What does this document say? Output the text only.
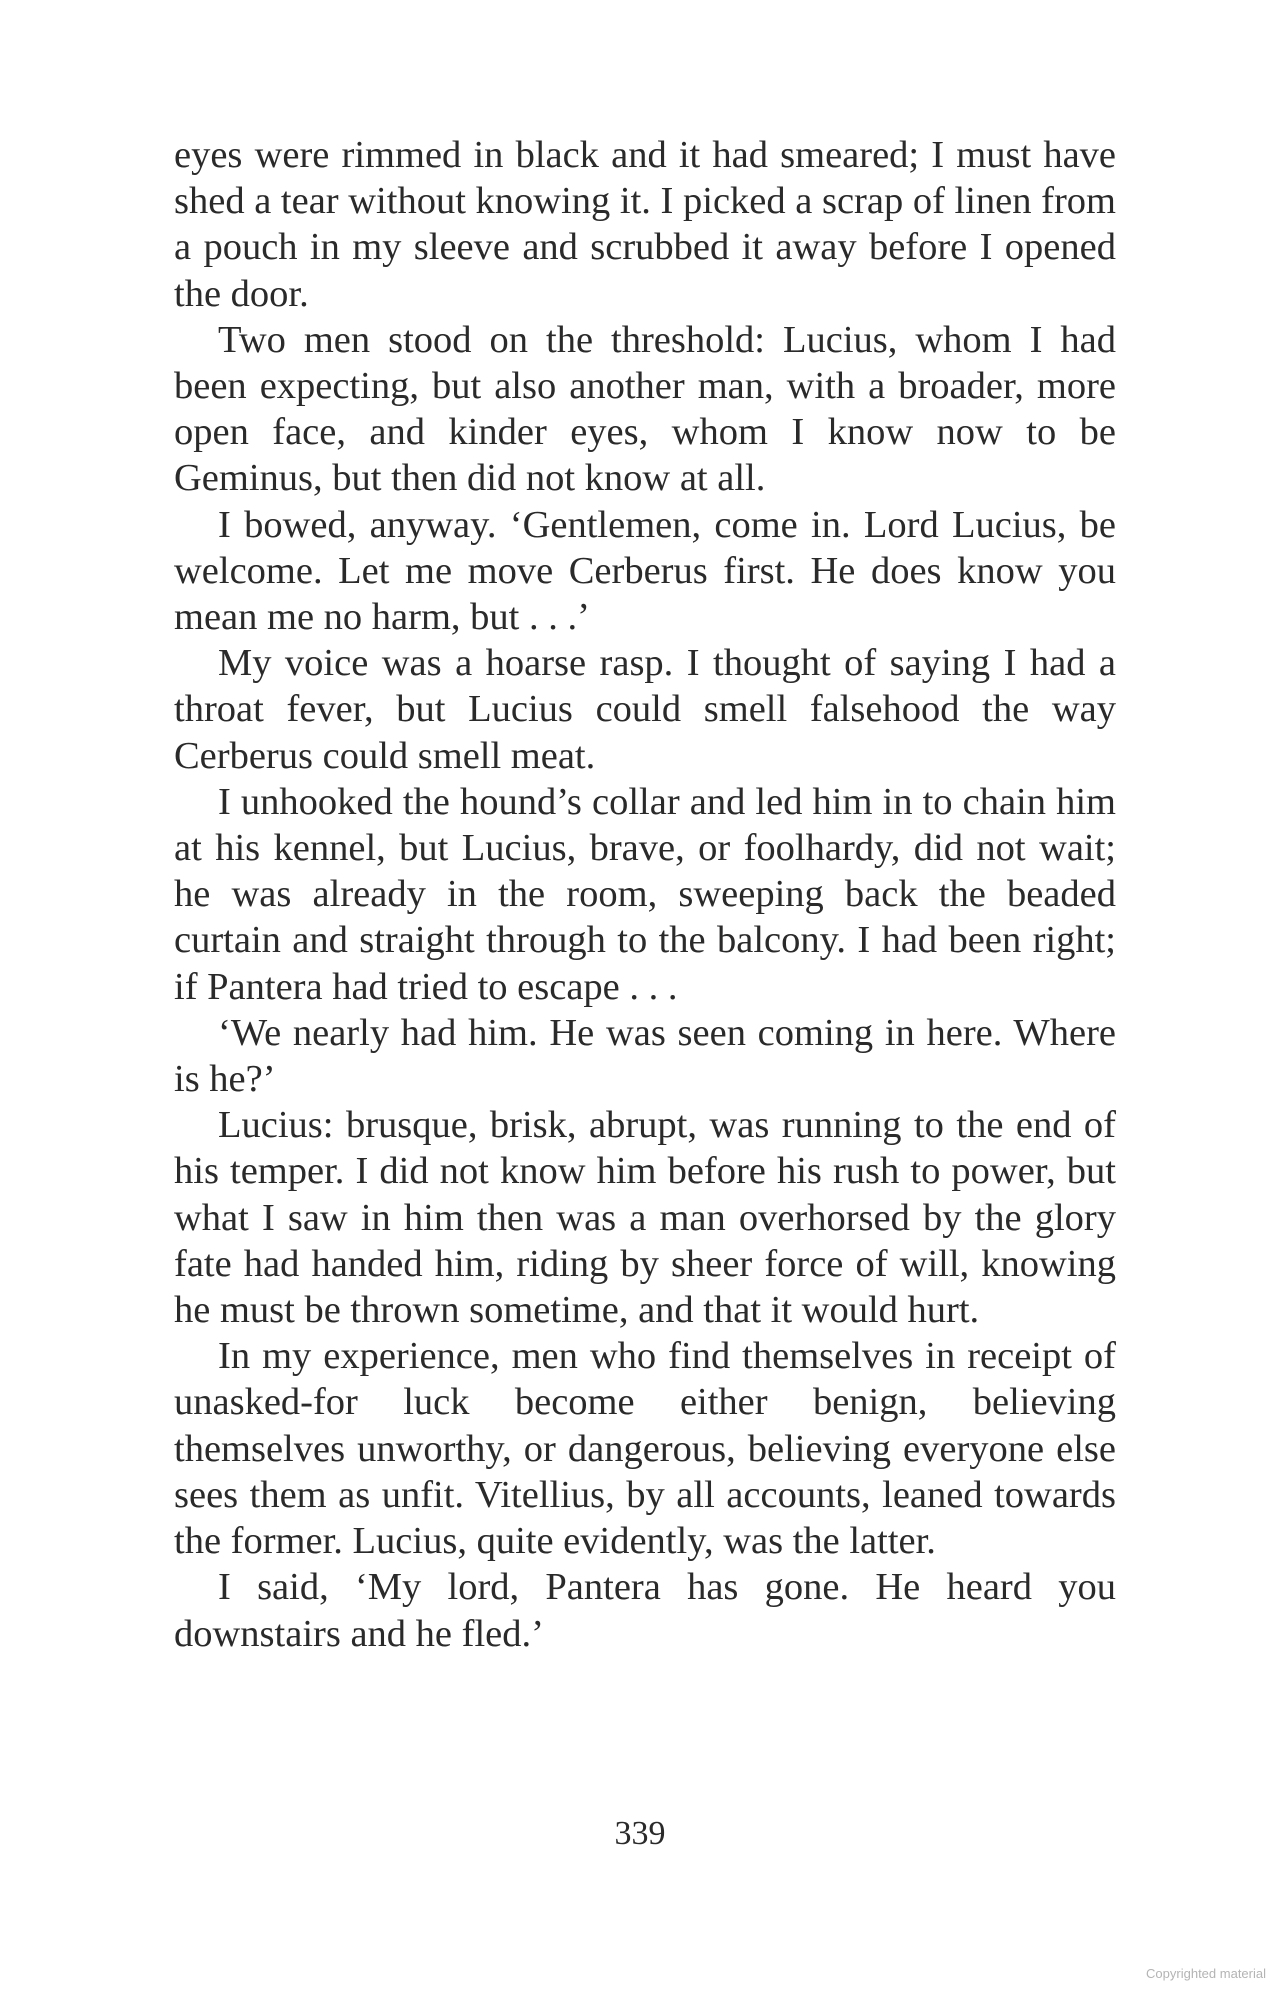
eyes were rimmed in black and it had smeared; I must have shed a tear without knowing it. I picked a scrap of linen from a pouch in my sleeve and scrubbed it away before I opened the door.

Two men stood on the threshold: Lucius, whom I had been expecting, but also another man, with a broader, more open face, and kinder eyes, whom I know now to be Geminus, but then did not know at all.

I bowed, anyway. ‘Gentlemen, come in. Lord Lucius, be welcome. Let me move Cerberus first. He does know you mean me no harm, but . . .’

My voice was a hoarse rasp. I thought of saying I had a throat fever, but Lucius could smell falsehood the way Cerberus could smell meat.

I unhooked the hound’s collar and led him in to chain him at his kennel, but Lucius, brave, or foolhardy, did not wait; he was already in the room, sweeping back the beaded curtain and straight through to the balcony. I had been right; if Pantera had tried to escape . . .

‘We nearly had him. He was seen coming in here. Where is he?’

Lucius: brusque, brisk, abrupt, was running to the end of his temper. I did not know him before his rush to power, but what I saw in him then was a man overhorsed by the glory fate had handed him, riding by sheer force of will, knowing he must be thrown sometime, and that it would hurt.

In my experience, men who find themselves in receipt of unasked-for luck become either benign, believing themselves unworthy, or dangerous, believing everyone else sees them as unfit. Vitellius, by all accounts, leaned towards the former. Lucius, quite evidently, was the latter.

I said, ‘My lord, Pantera has gone. He heard you downstairs and he fled.’

339
Copyrighted material
